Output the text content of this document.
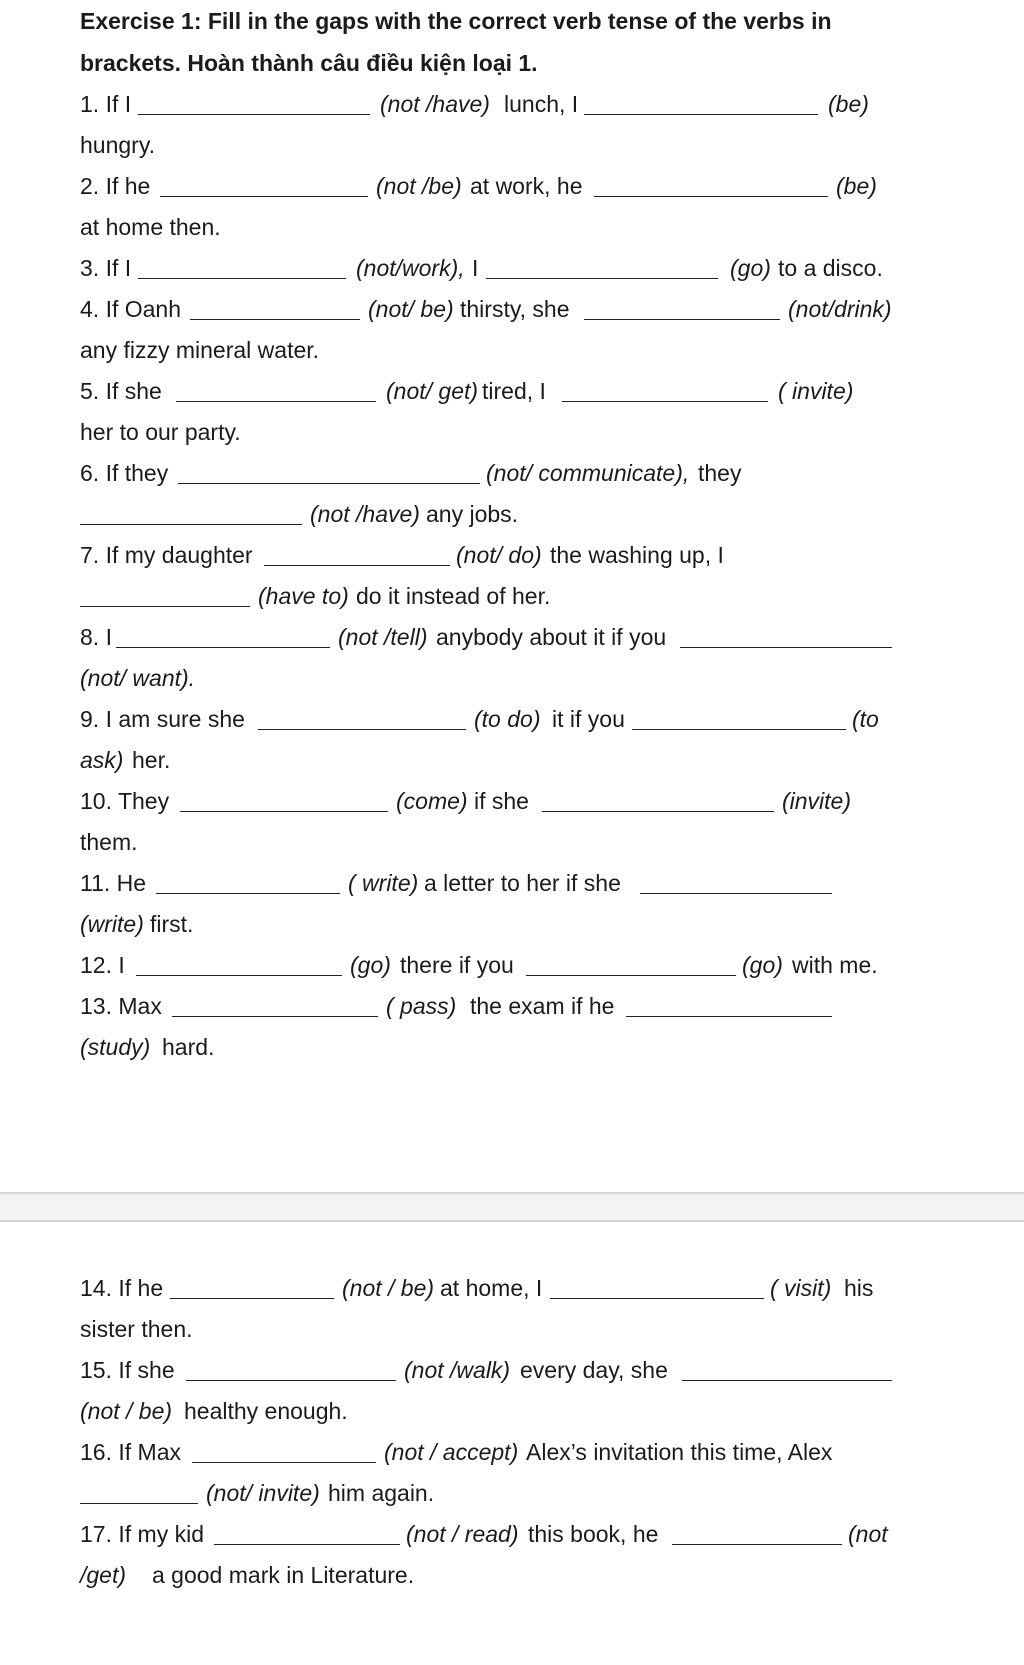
Exercise 1: Fill in the gaps with the correct verb tense of the verbs in
brackets. Hoàn thành câu điều kiện loại 1.
1. If I	(not /have) lunch, I	(be)
hungry.
2. If he	(not /be) at work, he	(be)
at home then.
3. If I	(not/work), I	(go) to a disco.
4. If Oanh	(not/ be) thirsty, she	(not/drink)
any fizzy mineral water.
5. If she	(not/ get) tired, I	( invite)
her to our party.
6. If they	(not/ communicate), they
(not /have) any jobs.
7. If my daughter	(not/ do) the washing up, I
(have to) do it instead of her.
8. I	(not /tell) anybody about it if you
(not/ want).
9. I am sure she	(to do) it if you	(to
ask) her.
10. They	(come) if she	(invite)
them.
11. He	( write) a letter to her if she
(write) first.
12. I	(go) there if you	(go) with me.
13. Max	( pass) the exam if he
(study) hard.
14. If he	(not / be) at home, I	( visit) his
sister then.
15. If she	(not /walk) every day, she
(not / be) healthy enough.
16. If Max	(not / accept) Alex’s invitation this time, Alex
(not/ invite) him again.
17. If my kid	(not / read) this book, he	(not
/get) a good mark in Literature.
